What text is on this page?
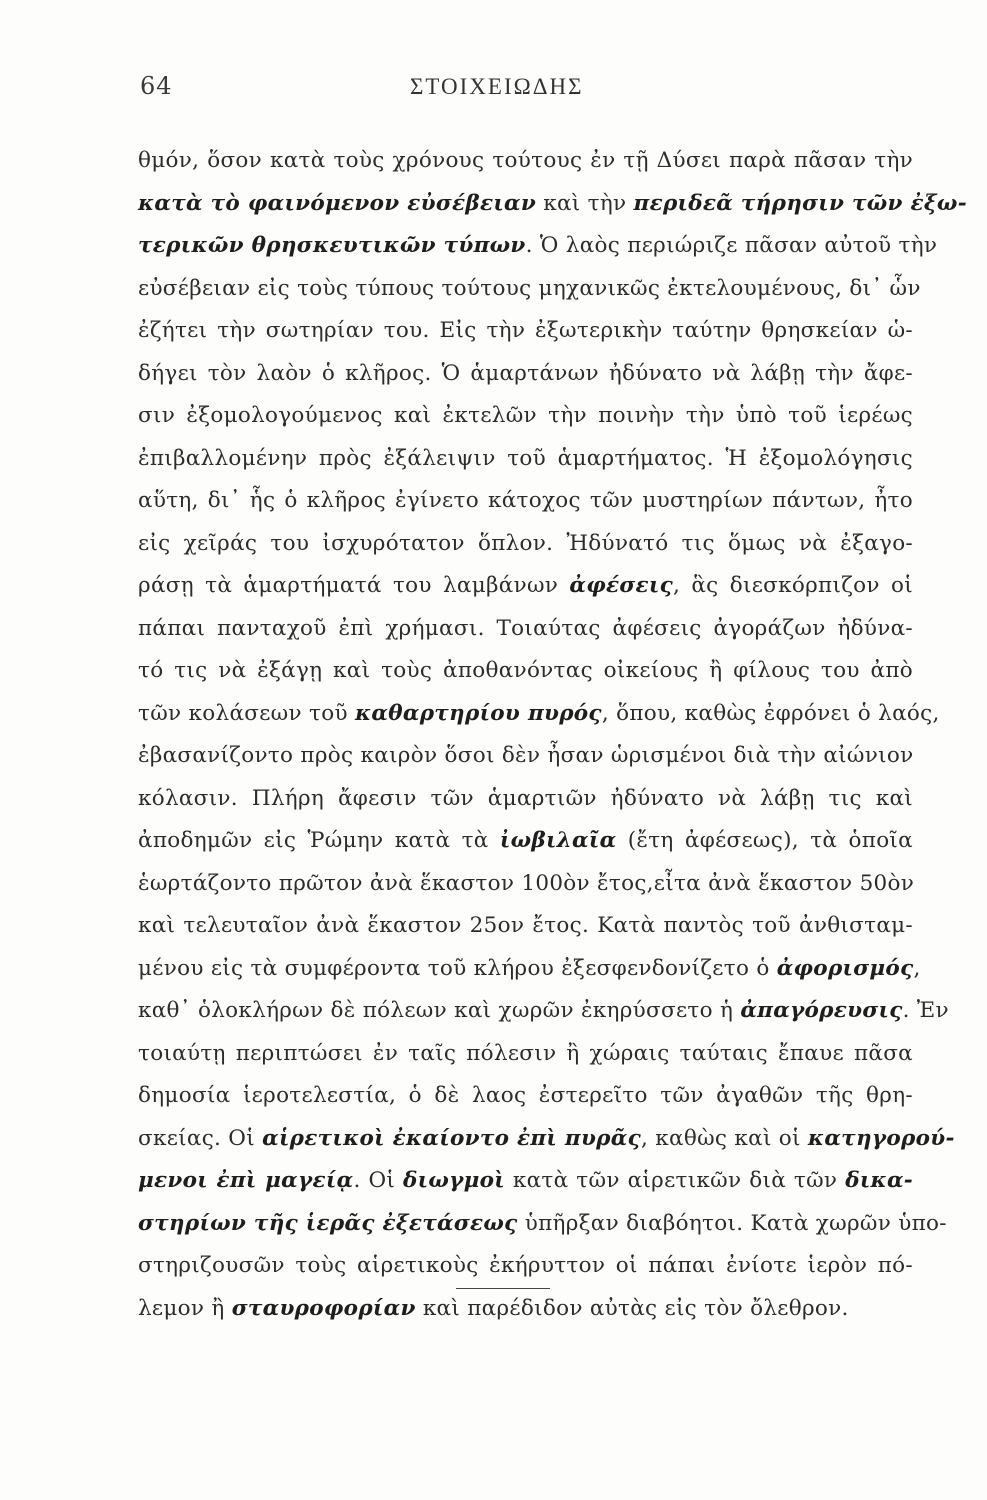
64	ΣΤΟΙΧΕΙΩΔΗΣ
θμόν, ὅσον κατὰ τοὺς χρόνους τούτους ἐν τῇ Δύσει παρὰ πᾶσαν τὴν
κατὰ τὸ φαινόμενον εὐσέβειαν καὶ τὴν περιδεᾶ τήρησιν τῶν ἐξω-
τερικῶν θρησκευτικῶν τύπων. Ὁ λαὸς περιώριζε πᾶσαν αὐτοῦ τὴν
εὐσέβειαν εἰς τοὺς τύπους τούτους μηχανικῶς ἐκτελουμένους, δι᾽ ὧν
ἐζήτει τὴν σωτηρίαν του. Εἰς τὴν ἐξωτερικὴν ταύτην θρησκείαν ὡ-
δήγει τὸν λαὸν ὁ κλῆρος. Ὁ ἁμαρτάνων ἠδύνατο νὰ λάβῃ τὴν ἄφε-
σιν ἐξομολογούμενος καὶ ἐκτελῶν τὴν ποινὴν τὴν ὑπὸ τοῦ ἱερέως
ἐπιβαλλομένην πρὸς ἐξάλειψιν τοῦ ἁμαρτήματος. Ἡ ἐξομολόγησις
αὕτη, δι᾽ ἧς ὁ κλῆρος ἐγίνετο κάτοχος τῶν μυστηρίων πάντων, ἦτο
εἰς χεῖράς του ἰσχυρότατον ὅπλον. Ἠδύνατό τις ὅμως νὰ ἐξαγο-
ράσῃ τὰ ἁμαρτήματά του λαμβάνων ἀφέσεις, ἃς διεσκόρπιζον οἱ
πάπαι πανταχοῦ ἐπὶ χρήμασι. Τοιαύτας ἀφέσεις ἀγοράζων ἠδύνα-
τό τις νὰ ἐξάγῃ καὶ τοὺς ἀποθανόντας οἰκείους ἢ φίλους του ἀπὸ
τῶν κολάσεων τοῦ καθαρτηρίου πυρός, ὅπου, καθὼς ἐφρόνει ὁ λαός,
ἐβασανίζοντο πρὸς καιρὸν ὅσοι δὲν ἦσαν ὡρισμένοι διὰ τὴν αἰώνιον
κόλασιν. Πλήρη ἄφεσιν τῶν ἁμαρτιῶν ἠδύνατο νὰ λάβῃ τις καὶ
ἀποδημῶν εἰς Ῥώμην κατὰ τὰ ἰωβιλαῖα (ἔτη ἀφέσεως), τὰ ὁποῖα
ἑωρτάζοντο πρῶτον ἀνὰ ἕκαστον 100ὸν ἔτος,εἶτα ἀνὰ ἕκαστον 50ὸν
καὶ τελευταῖον ἀνὰ ἕκαστον 25ον ἔτος. Κατὰ παντὸς τοῦ ἀνθισταμ-
μένου εἰς τὰ συμφέροντα τοῦ κλήρου ἐξεσφενδονίζετο ὁ ἀφορισμός,
καθ᾽ ὁλοκλήρων δὲ πόλεων καὶ χωρῶν ἐκηρύσσετο ἡ ἀπαγόρευσις. Ἐν
τοιαύτῃ περιπτώσει ἐν ταῖς πόλεσιν ἢ χώραις ταύταις ἔπαυε πᾶσα
δημοσία ἱεροτελεστία, ὁ δὲ λαος ἐστερεῖτο τῶν ἀγαθῶν τῆς θρη-
σκείας. Οἱ αἱρετικοὶ ἐκαίοντο ἐπὶ πυρᾶς, καθὼς καὶ οἱ κατηγορού-
μενοι ἐπὶ μαγείᾳ. Οἱ διωγμοὶ κατὰ τῶν αἱρετικῶν διὰ τῶν δικα-
στηρίων τῆς ἱερᾶς ἐξετάσεως ὑπῆρξαν διαβόητοι. Κατὰ χωρῶν ὑπο-
στηριζουσῶν τοὺς αἱρετικοὺς ἐκήρυττον οἱ πάπαι ἐνίοτε ἱερὸν πό-
λεμον ἢ σταυροφορίαν καὶ παρέδιδον αὐτὰς εἰς τὸν ὄλεθρον.
